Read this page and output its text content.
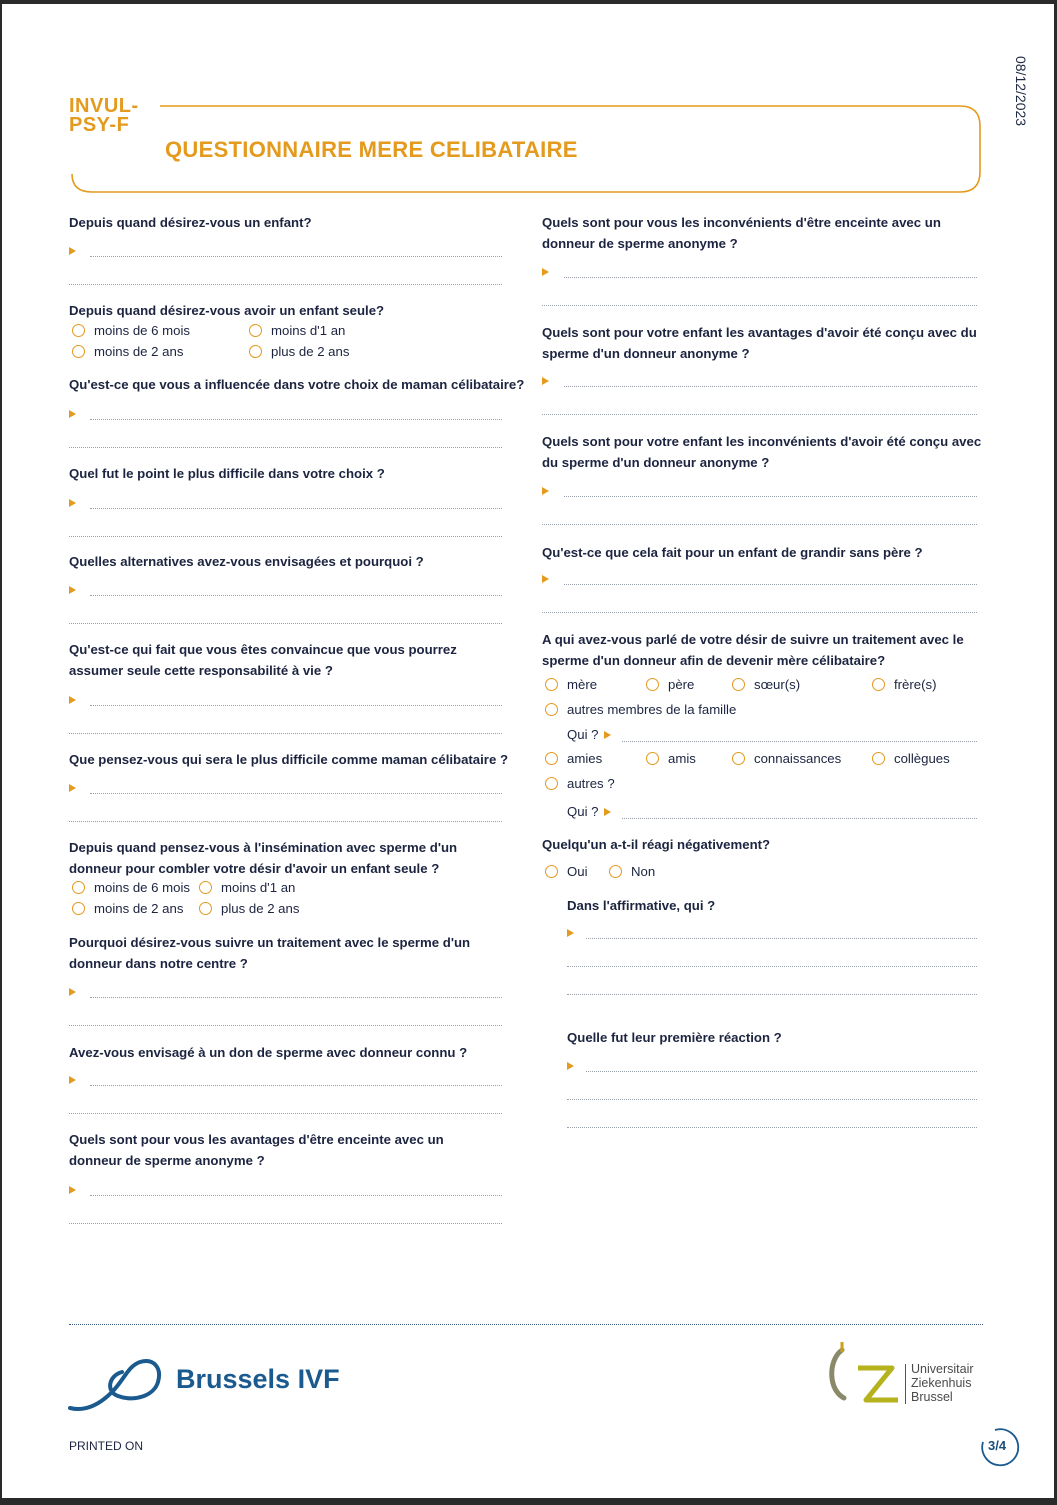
INVUL-
PSY-F
QUESTIONNAIRE MERE CELIBATAIRE
08/12/2023
Depuis quand désirez-vous un enfant?
Depuis quand désirez-vous avoir un enfant seule?
moins de 6 mois	moins d'1 an
moins de 2 ans	plus de 2 ans
Qu'est-ce que vous a influencée dans votre choix de maman célibataire?
Quel fut le point le plus difficile dans votre choix ?
Quelles alternatives avez-vous envisagées et pourquoi ?
Qu'est-ce qui fait que vous êtes convaincue que vous pourrez assumer seule cette responsabilité à vie ?
Que pensez-vous qui sera le plus difficile comme maman célibataire ?
Depuis quand pensez-vous à l'insémination avec sperme d'un donneur pour combler votre désir d'avoir un enfant seule ?
moins de 6 mois moins d'1 an
moins de 2 ans	plus de 2 ans
Pourquoi désirez-vous suivre un traitement avec le sperme d'un donneur dans notre centre ?
Avez-vous envisagé à un don de sperme avec donneur connu ?
Quels sont pour vous les avantages d'être enceinte avec un donneur de sperme anonyme ?
Quels sont pour vous les inconvénients d'être enceinte avec un donneur de sperme anonyme ?
Quels sont pour votre enfant les avantages d'avoir été conçu avec du sperme d'un donneur anonyme ?
Quels sont pour votre enfant les inconvénients d'avoir été conçu avec du sperme d'un donneur anonyme ?
Qu'est-ce que cela fait pour un enfant de grandir sans père ?
A qui avez-vous parlé de votre désir de suivre un traitement avec le sperme d'un donneur afin de devenir mère célibataire?
mère	père	sœur(s)	frère(s)
autres membres de la famille
Qui ?
amies	amis	connaissances	collègues
autres ?
Qui ?
Quelqu'un a-t-il réagi négativement?
Oui	Non
Dans l'affirmative, qui ?
Quelle fut leur première réaction ?
Brussels IVF	Universitair
Ziekenhuis
Brussel
PRINTED ON	3/4
